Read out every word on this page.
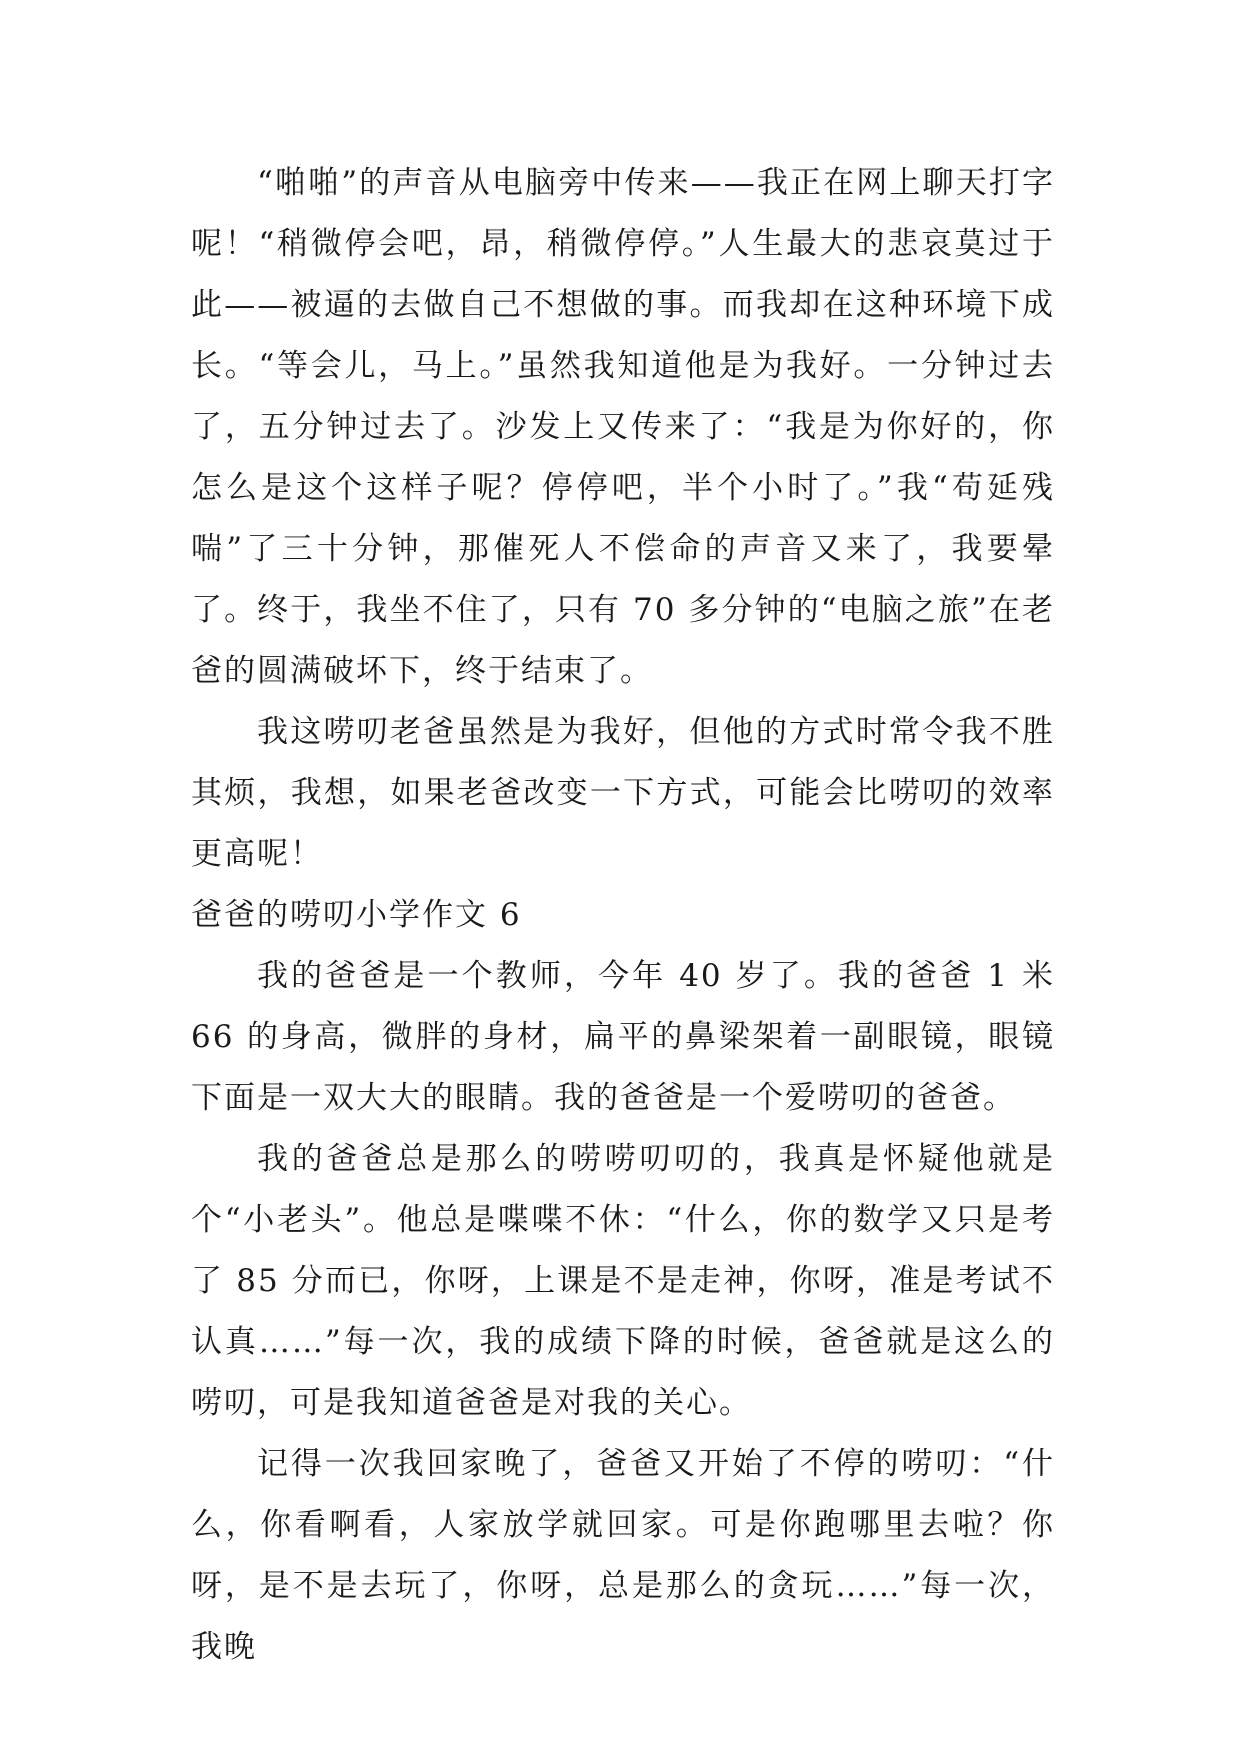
“啪啪”的声音从电脑旁中传来——我正在网上聊天打字呢！“稍微停会吧，昂，稍微停停。”人生最大的悲哀莫过于此——被逼的去做自己不想做的事。而我却在这种环境下成长。“等会儿，马上。”虽然我知道他是为我好。一分钟过去了，五分钟过去了。沙发上又传来了：“我是为你好的，你怎么是这个这样子呢？停停吧，半个小时了。”我“苟延残喘”了三十分钟，那催死人不偿命的声音又来了，我要晕了。终于，我坐不住了，只有 70 多分钟的“电脑之旅”在老爸的圆满破坏下，终于结束了。

我这唠叨老爸虽然是为我好，但他的方式时常令我不胜其烦，我想，如果老爸改变一下方式，可能会比唠叨的效率更高呢！

爸爸的唠叨小学作文 6

我的爸爸是一个教师，今年 40 岁了。我的爸爸 1 米 66 的身高，微胖的身材，扁平的鼻梁架着一副眼镜，眼镜下面是一双大大的眼睛。我的爸爸是一个爱唠叨的爸爸。

我的爸爸总是那么的唠唠叨叨的，我真是怀疑他就是个“小老头”。他总是喋喋不休：“什么，你的数学又只是考了 85 分而已，你呀，上课是不是走神，你呀，准是考试不认真……”每一次，我的成绩下降的时候，爸爸就是这么的唠叨，可是我知道爸爸是对我的关心。

记得一次我回家晚了，爸爸又开始了不停的唠叨：“什么，你看啊看，人家放学就回家。可是你跑哪里去啦？你呀，是不是去玩了，你呀，总是那么的贪玩……”每一次，我晚
